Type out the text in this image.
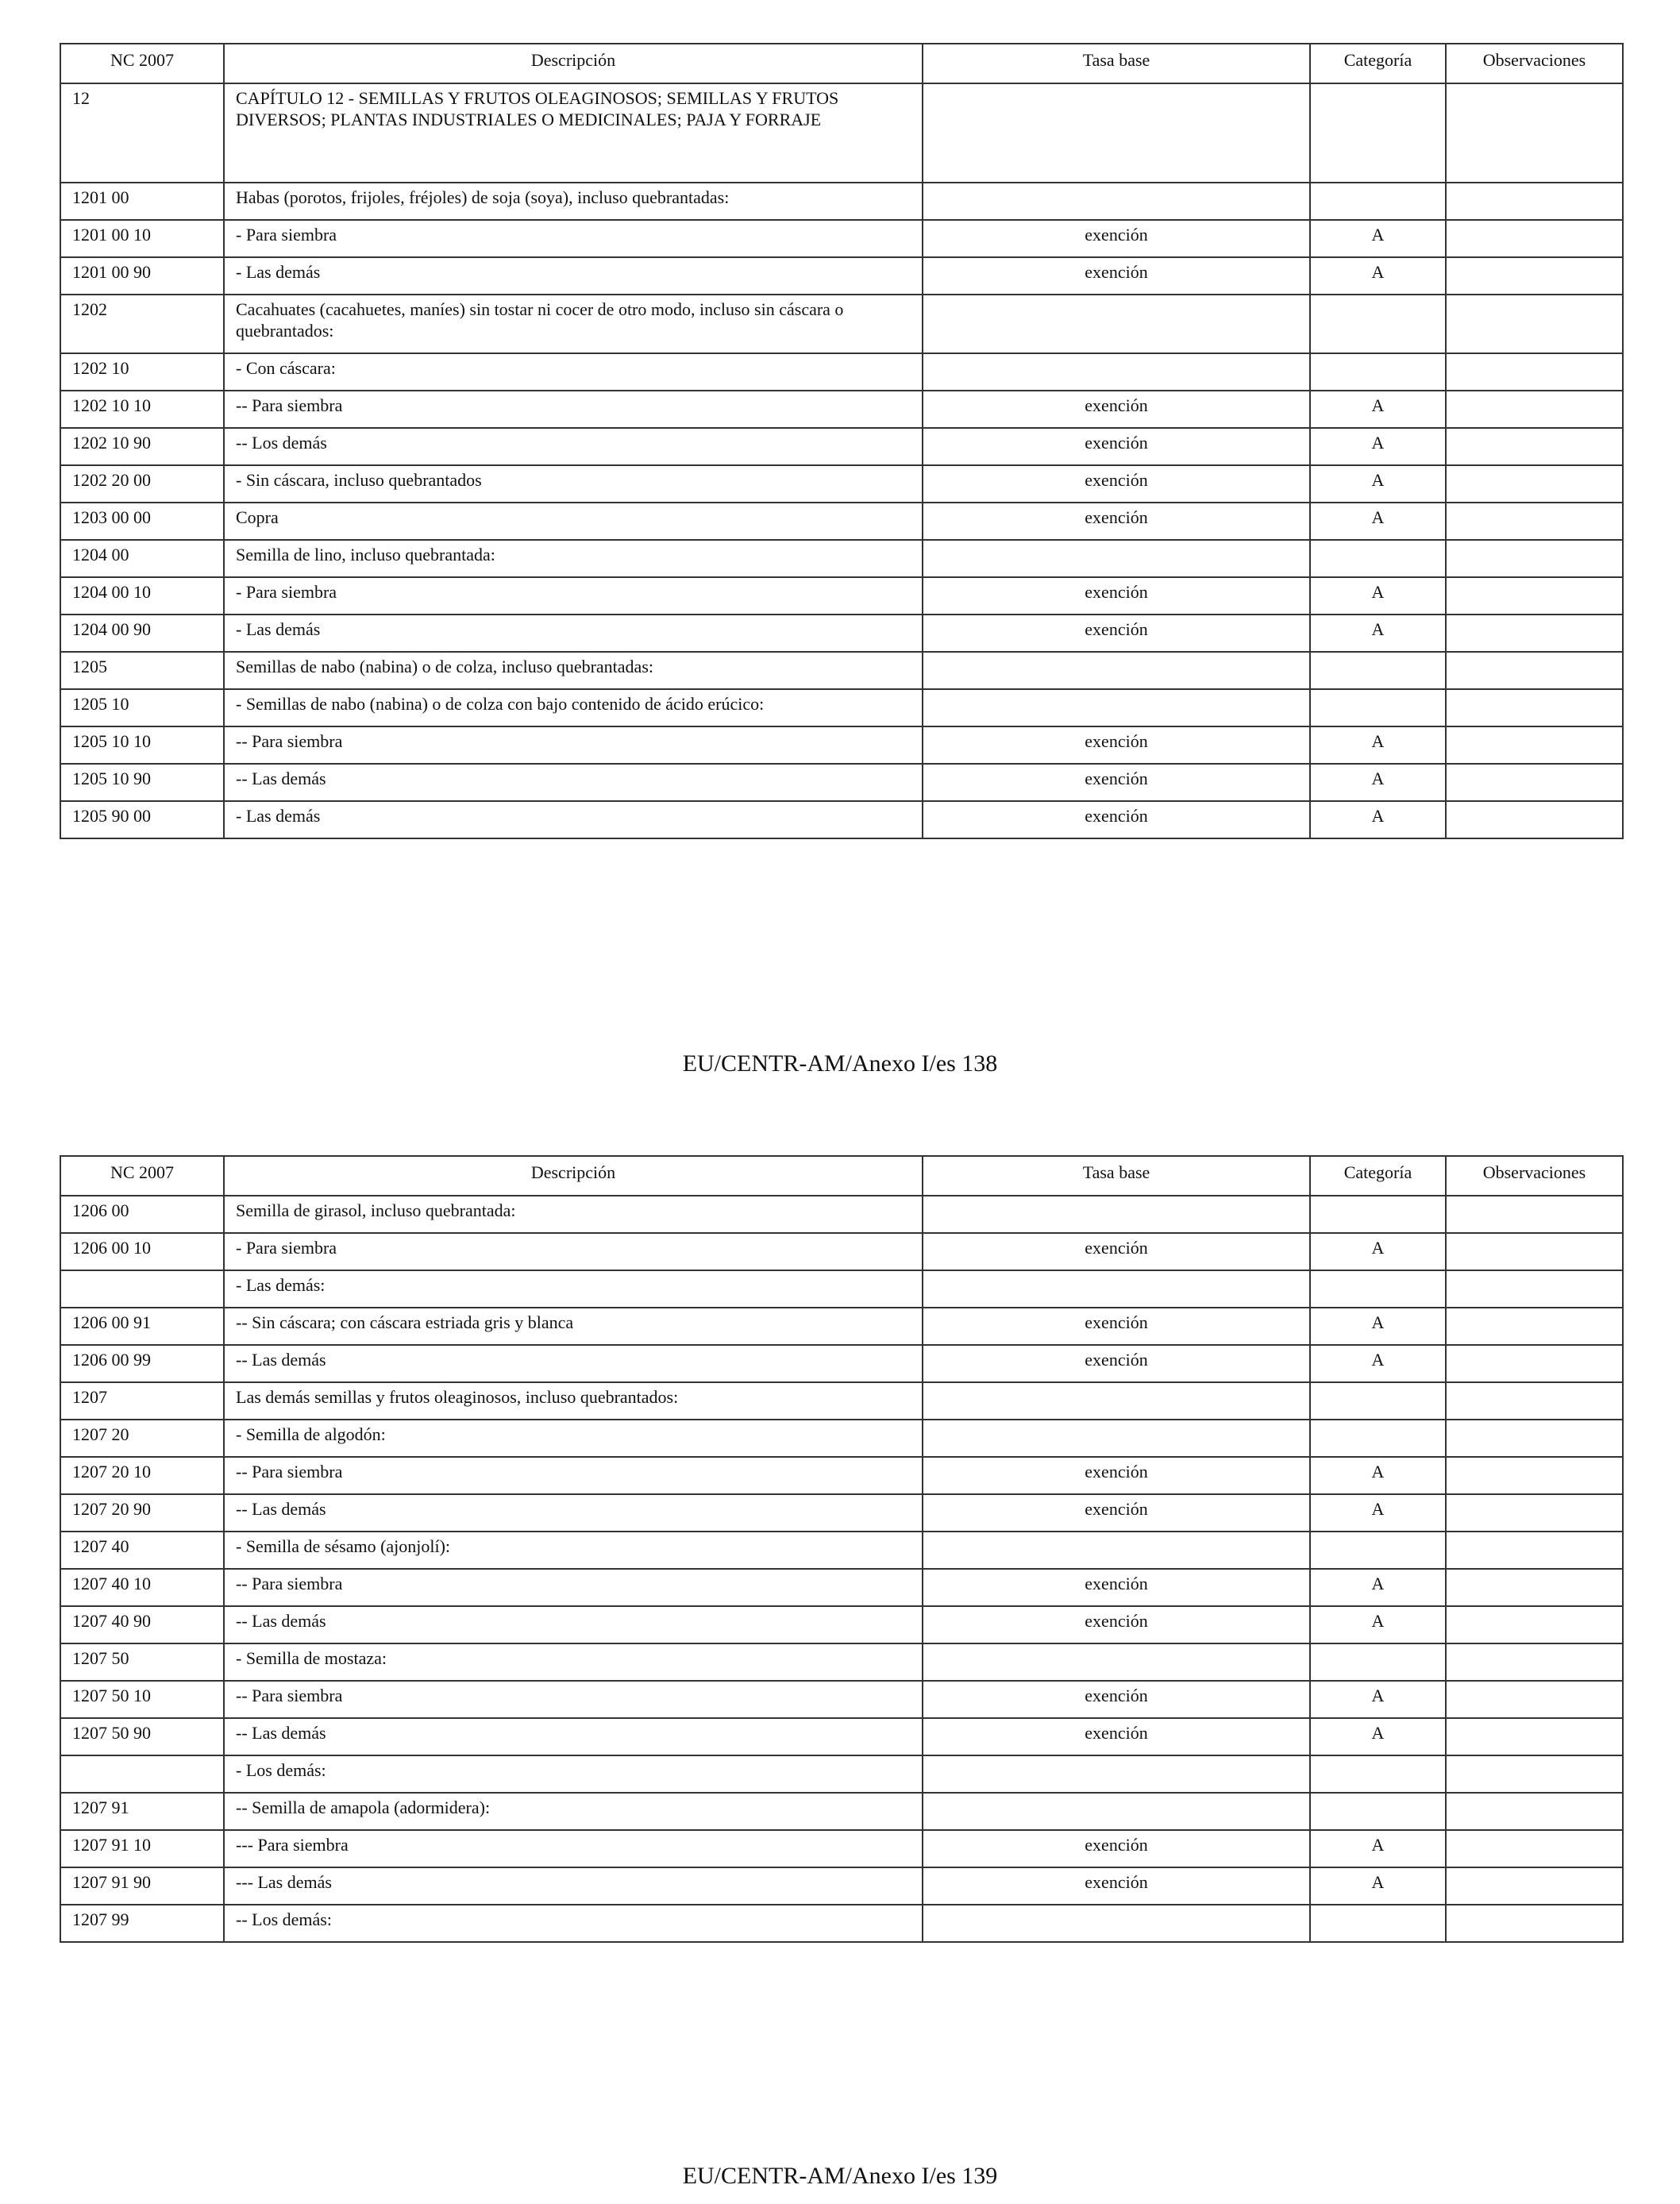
NC 2007	Descripción	Tasa base	Categoría	Observaciones
12	CAPÍTULO 12 - SEMILLAS Y FRUTOS OLEAGINOSOS; SEMILLAS Y FRUTOS DIVERSOS; PLANTAS INDUSTRIALES O MEDICINALES; PAJA Y FORRAJE			
1201 00	Habas (porotos, frijoles, fréjoles) de soja (soya), incluso quebrantadas:			
1201 00 10	- Para siembra	exención	A	
1201 00 90	- Las demás	exención	A	
1202	Cacahuates (cacahuetes, maníes) sin tostar ni cocer de otro modo, incluso sin cáscara o quebrantados:			
1202 10	- Con cáscara:			
1202 10 10	-- Para siembra	exención	A	
1202 10 90	-- Los demás	exención	A	
1202 20 00	- Sin cáscara, incluso quebrantados	exención	A	
1203 00 00	Copra	exención	A	
1204 00	Semilla de lino, incluso quebrantada:			
1204 00 10	- Para siembra	exención	A	
1204 00 90	- Las demás	exención	A	
1205	Semillas de nabo (nabina) o de colza, incluso quebrantadas:			
1205 10	- Semillas de nabo (nabina) o de colza con bajo contenido de ácido erúcico:			
1205 10 10	-- Para siembra	exención	A	
1205 10 90	-- Las demás	exención	A	
1205 90 00	- Las demás	exención	A	
EU/CENTR-AM/Anexo I/es 138
NC 2007	Descripción	Tasa base	Categoría	Observaciones
1206 00	Semilla de girasol, incluso quebrantada:			
1206 00 10	- Para siembra	exención	A	
	- Las demás:			
1206 00 91	-- Sin cáscara; con cáscara estriada gris y blanca	exención	A	
1206 00 99	-- Las demás	exención	A	
1207	Las demás semillas y frutos oleaginosos, incluso quebrantados:			
1207 20	- Semilla de algodón:			
1207 20 10	-- Para siembra	exención	A	
1207 20 90	-- Las demás	exención	A	
1207 40	- Semilla de sésamo (ajonjolí):			
1207 40 10	-- Para siembra	exención	A	
1207 40 90	-- Las demás	exención	A	
1207 50	- Semilla de mostaza:			
1207 50 10	-- Para siembra	exención	A	
1207 50 90	-- Las demás	exención	A	
	- Los demás:			
1207 91	-- Semilla de amapola (adormidera):			
1207 91 10	--- Para siembra	exención	A	
1207 91 90	--- Las demás	exención	A	
1207 99	-- Los demás:			
EU/CENTR-AM/Anexo I/es 139
